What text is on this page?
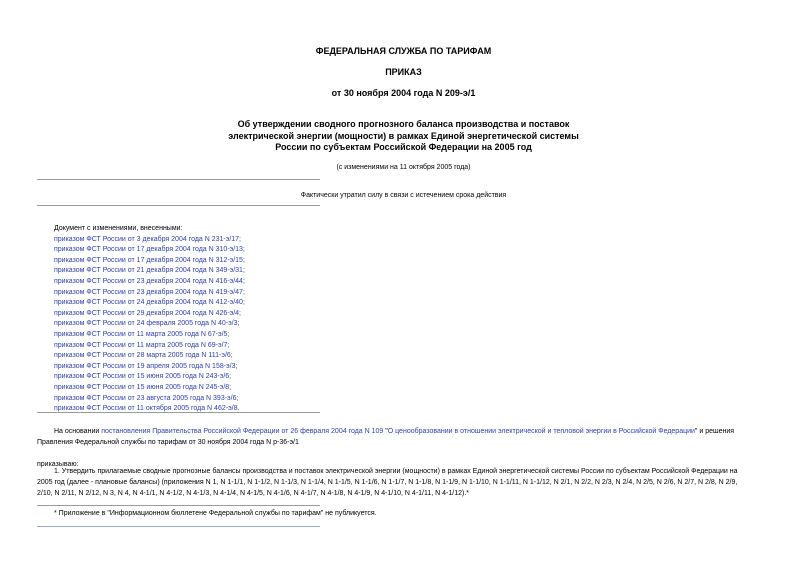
ФЕДЕРАЛЬНАЯ СЛУЖБА ПО ТАРИФАМ
ПРИКАЗ
от 30 ноября 2004 года N 209-э/1
Об утверждении сводного прогнозного баланса производства и поставок
электрической энергии (мощности) в рамках Единой энергетической системы
России по субъектам Российской Федерации на 2005 год
(с изменениями на 11 октября 2005 года)
Фактически утратил силу в связи с истечением срока действия
Документ с изменениями, внесенными:
приказом ФСТ России от 3 декабря 2004 года N 231-э/17;
приказом ФСТ России от 17 декабря 2004 года N 310-э/13;
приказом ФСТ России от 17 декабря 2004 года N 312-э/15;
приказом ФСТ России от 21 декабря 2004 года N 349-э/31;
приказом ФСТ России от 23 декабря 2004 года N 416-э/44;
приказом ФСТ России от 23 декабря 2004 года N 419-э/47;
приказом ФСТ России от 24 декабря 2004 года N 412-э/40;
приказом ФСТ России от 29 декабря 2004 года N 426-э/4;
приказом ФСТ России от 24 февраля 2005 года N 40-э/3;
приказом ФСТ России от 11 марта 2005 года N 67-э/5;
приказом ФСТ России от 11 марта 2005 года N 69-э/7;
приказом ФСТ России от 28 марта 2005 года N 111-э/6;
приказом ФСТ России от 19 апреля 2005 года N 158-э/3;
приказом ФСТ России от 15 июня 2005 года N 243-э/6;
приказом ФСТ России от 15 июня 2005 года N 245-э/8;
приказом ФСТ России от 23 августа 2005 года N 393-э/6;
приказом ФСТ России от 11 октября 2005 года N 462-э/8.
На основании постановления Правительства Российской Федерации от 26 февраля 2004 года N 109 "О ценообразовании в отношении электрической и тепловой энергии в Российской Федерации" и решения
Правления Федеральной службы по тарифам от 30 ноября 2004 года N р-36-э/1
приказываю:
1. Утвердить прилагаемые сводные прогнозные балансы производства и поставок электрической энергии (мощности) в рамках Единой энергетической системы России по субъектам Российской Федерации на
2005 год (далее - плановые балансы) (приложения N 1, N 1-1/1, N 1-1/2, N 1-1/3, N 1-1/4, N 1-1/5, N 1-1/6, N 1-1/7, N 1-1/8, N 1-1/9, N 1-1/10, N 1-1/11, N 1-1/12, N 2/1, N 2/2, N 2/3, N 2/4, N 2/5, N 2/6, N 2/7, N 2/8, N 2/9,
2/10, N 2/11, N 2/12, N 3, N 4, N 4-1/1, N 4-1/2, N 4-1/3, N 4-1/4, N 4-1/5, N 4-1/6, N 4-1/7, N 4-1/8, N 4-1/9, N 4-1/10, N 4-1/11, N 4-1/12).*
* Приложение в "Информационном бюллетене Федеральной службы по тарифам" не публикуется.
